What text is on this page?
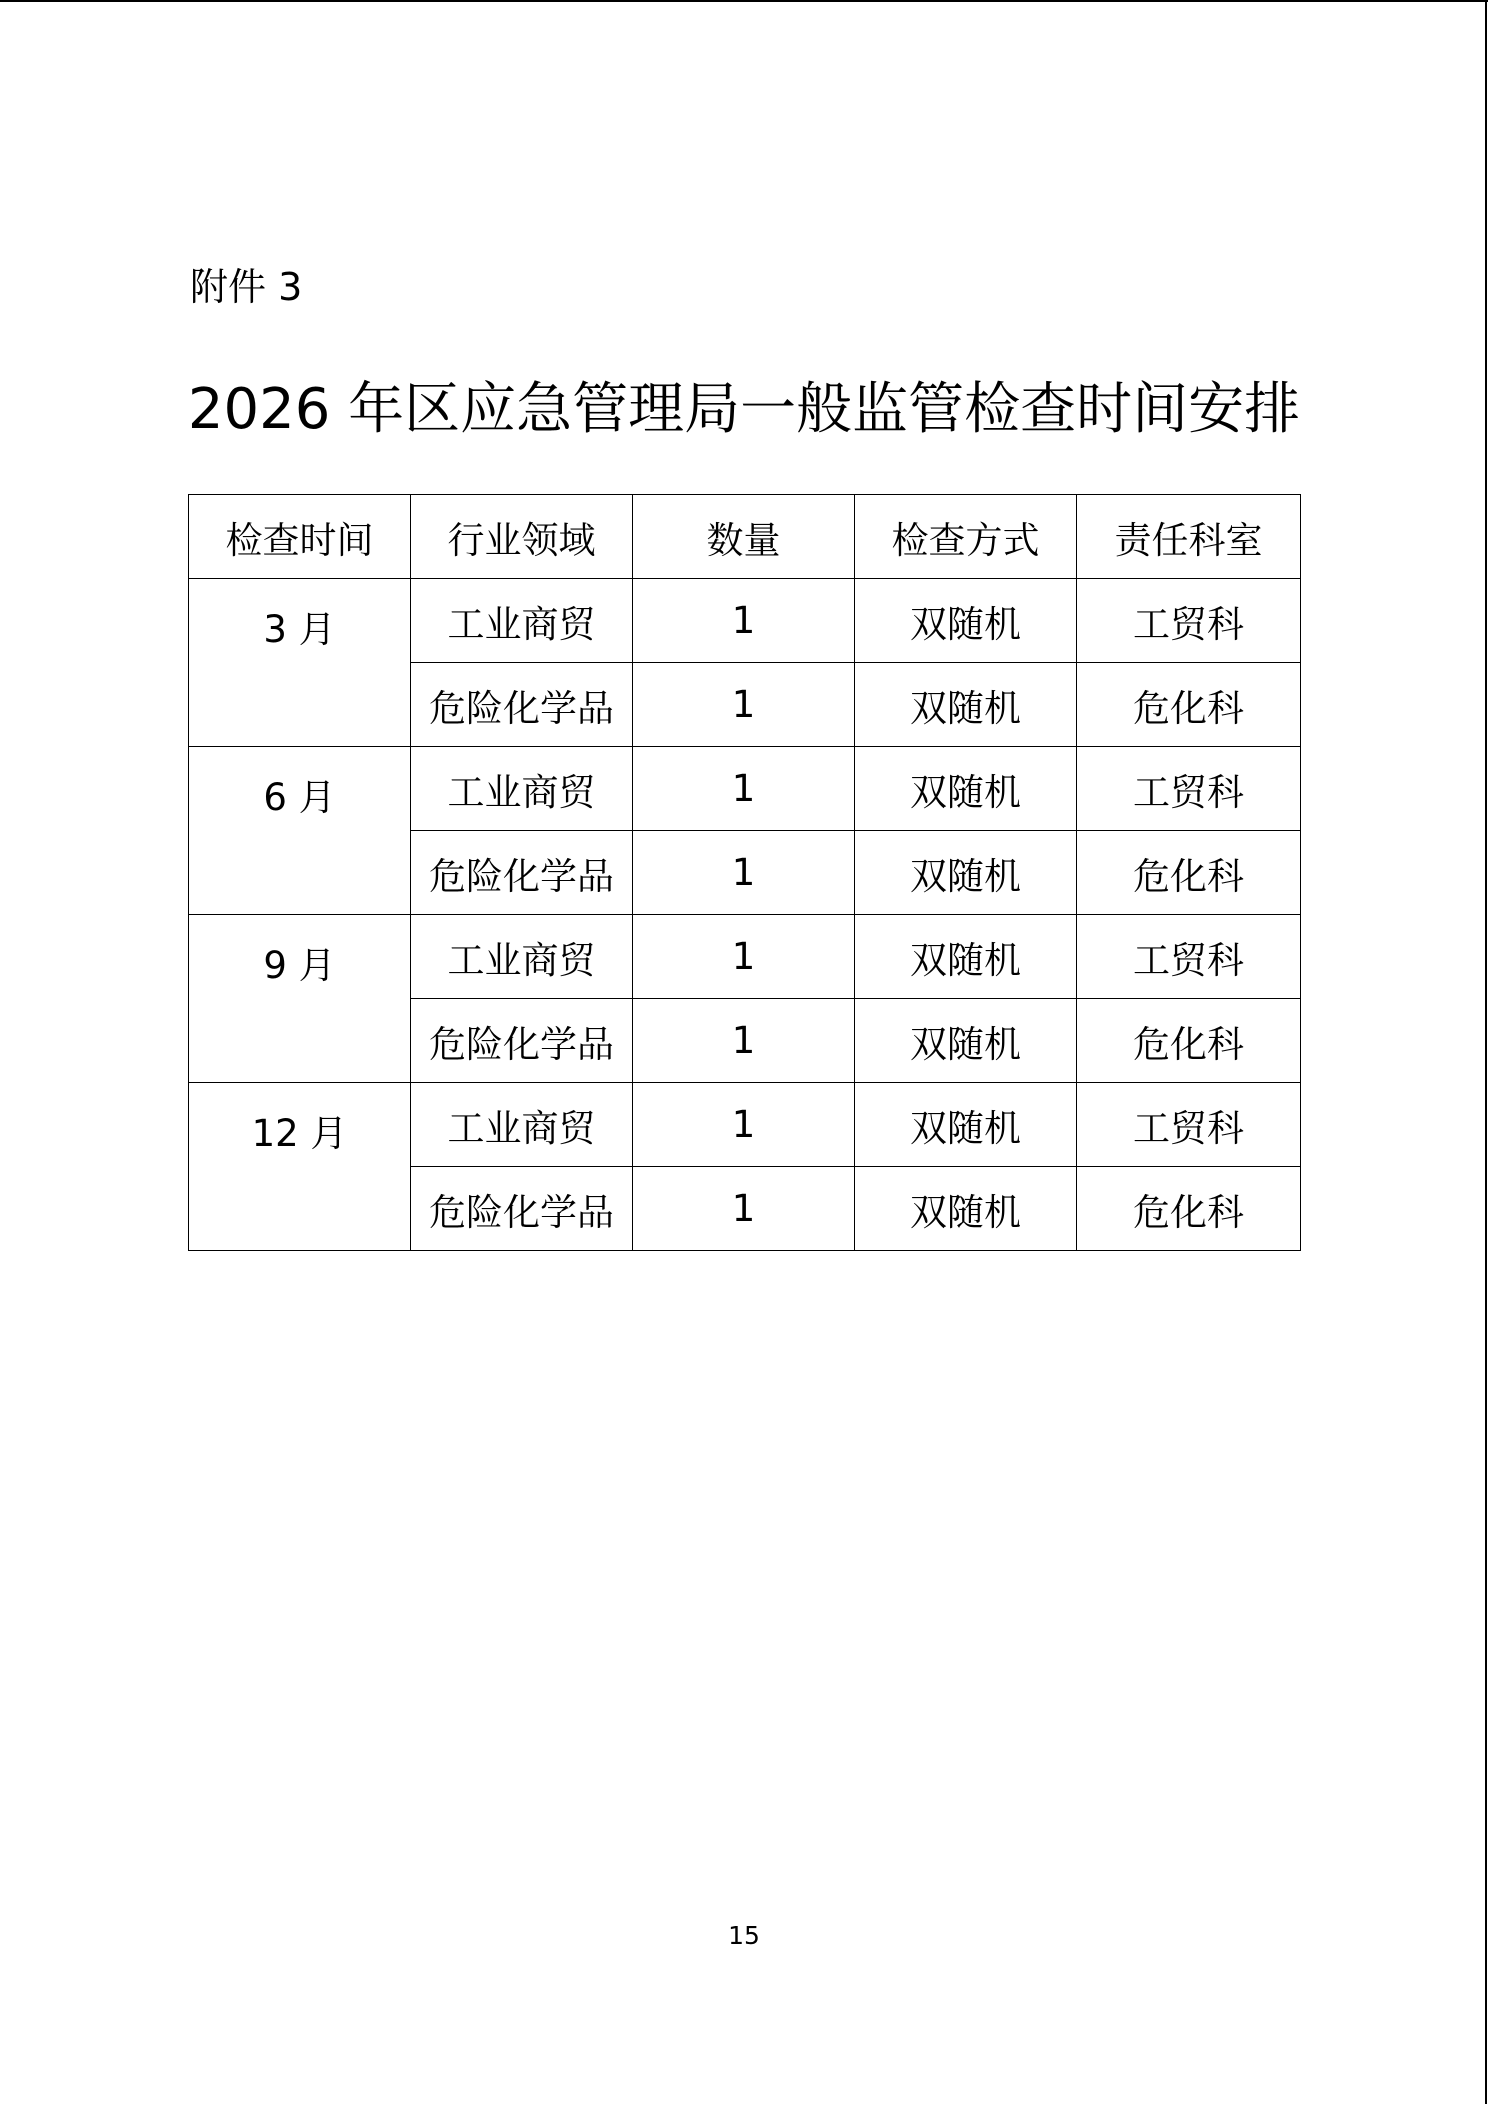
附件 3
2026 年区应急管理局一般监管检查时间安排
检查时间	行业领域	数量	检查方式	责任科室
3 月	工业商贸	1	双随机	工贸科
	危险化学品	1	双随机	危化科
6 月	工业商贸	1	双随机	工贸科
	危险化学品	1	双随机	危化科
9 月	工业商贸	1	双随机	工贸科
	危险化学品	1	双随机	危化科
12 月	工业商贸	1	双随机	工贸科
	危险化学品	1	双随机	危化科
15
